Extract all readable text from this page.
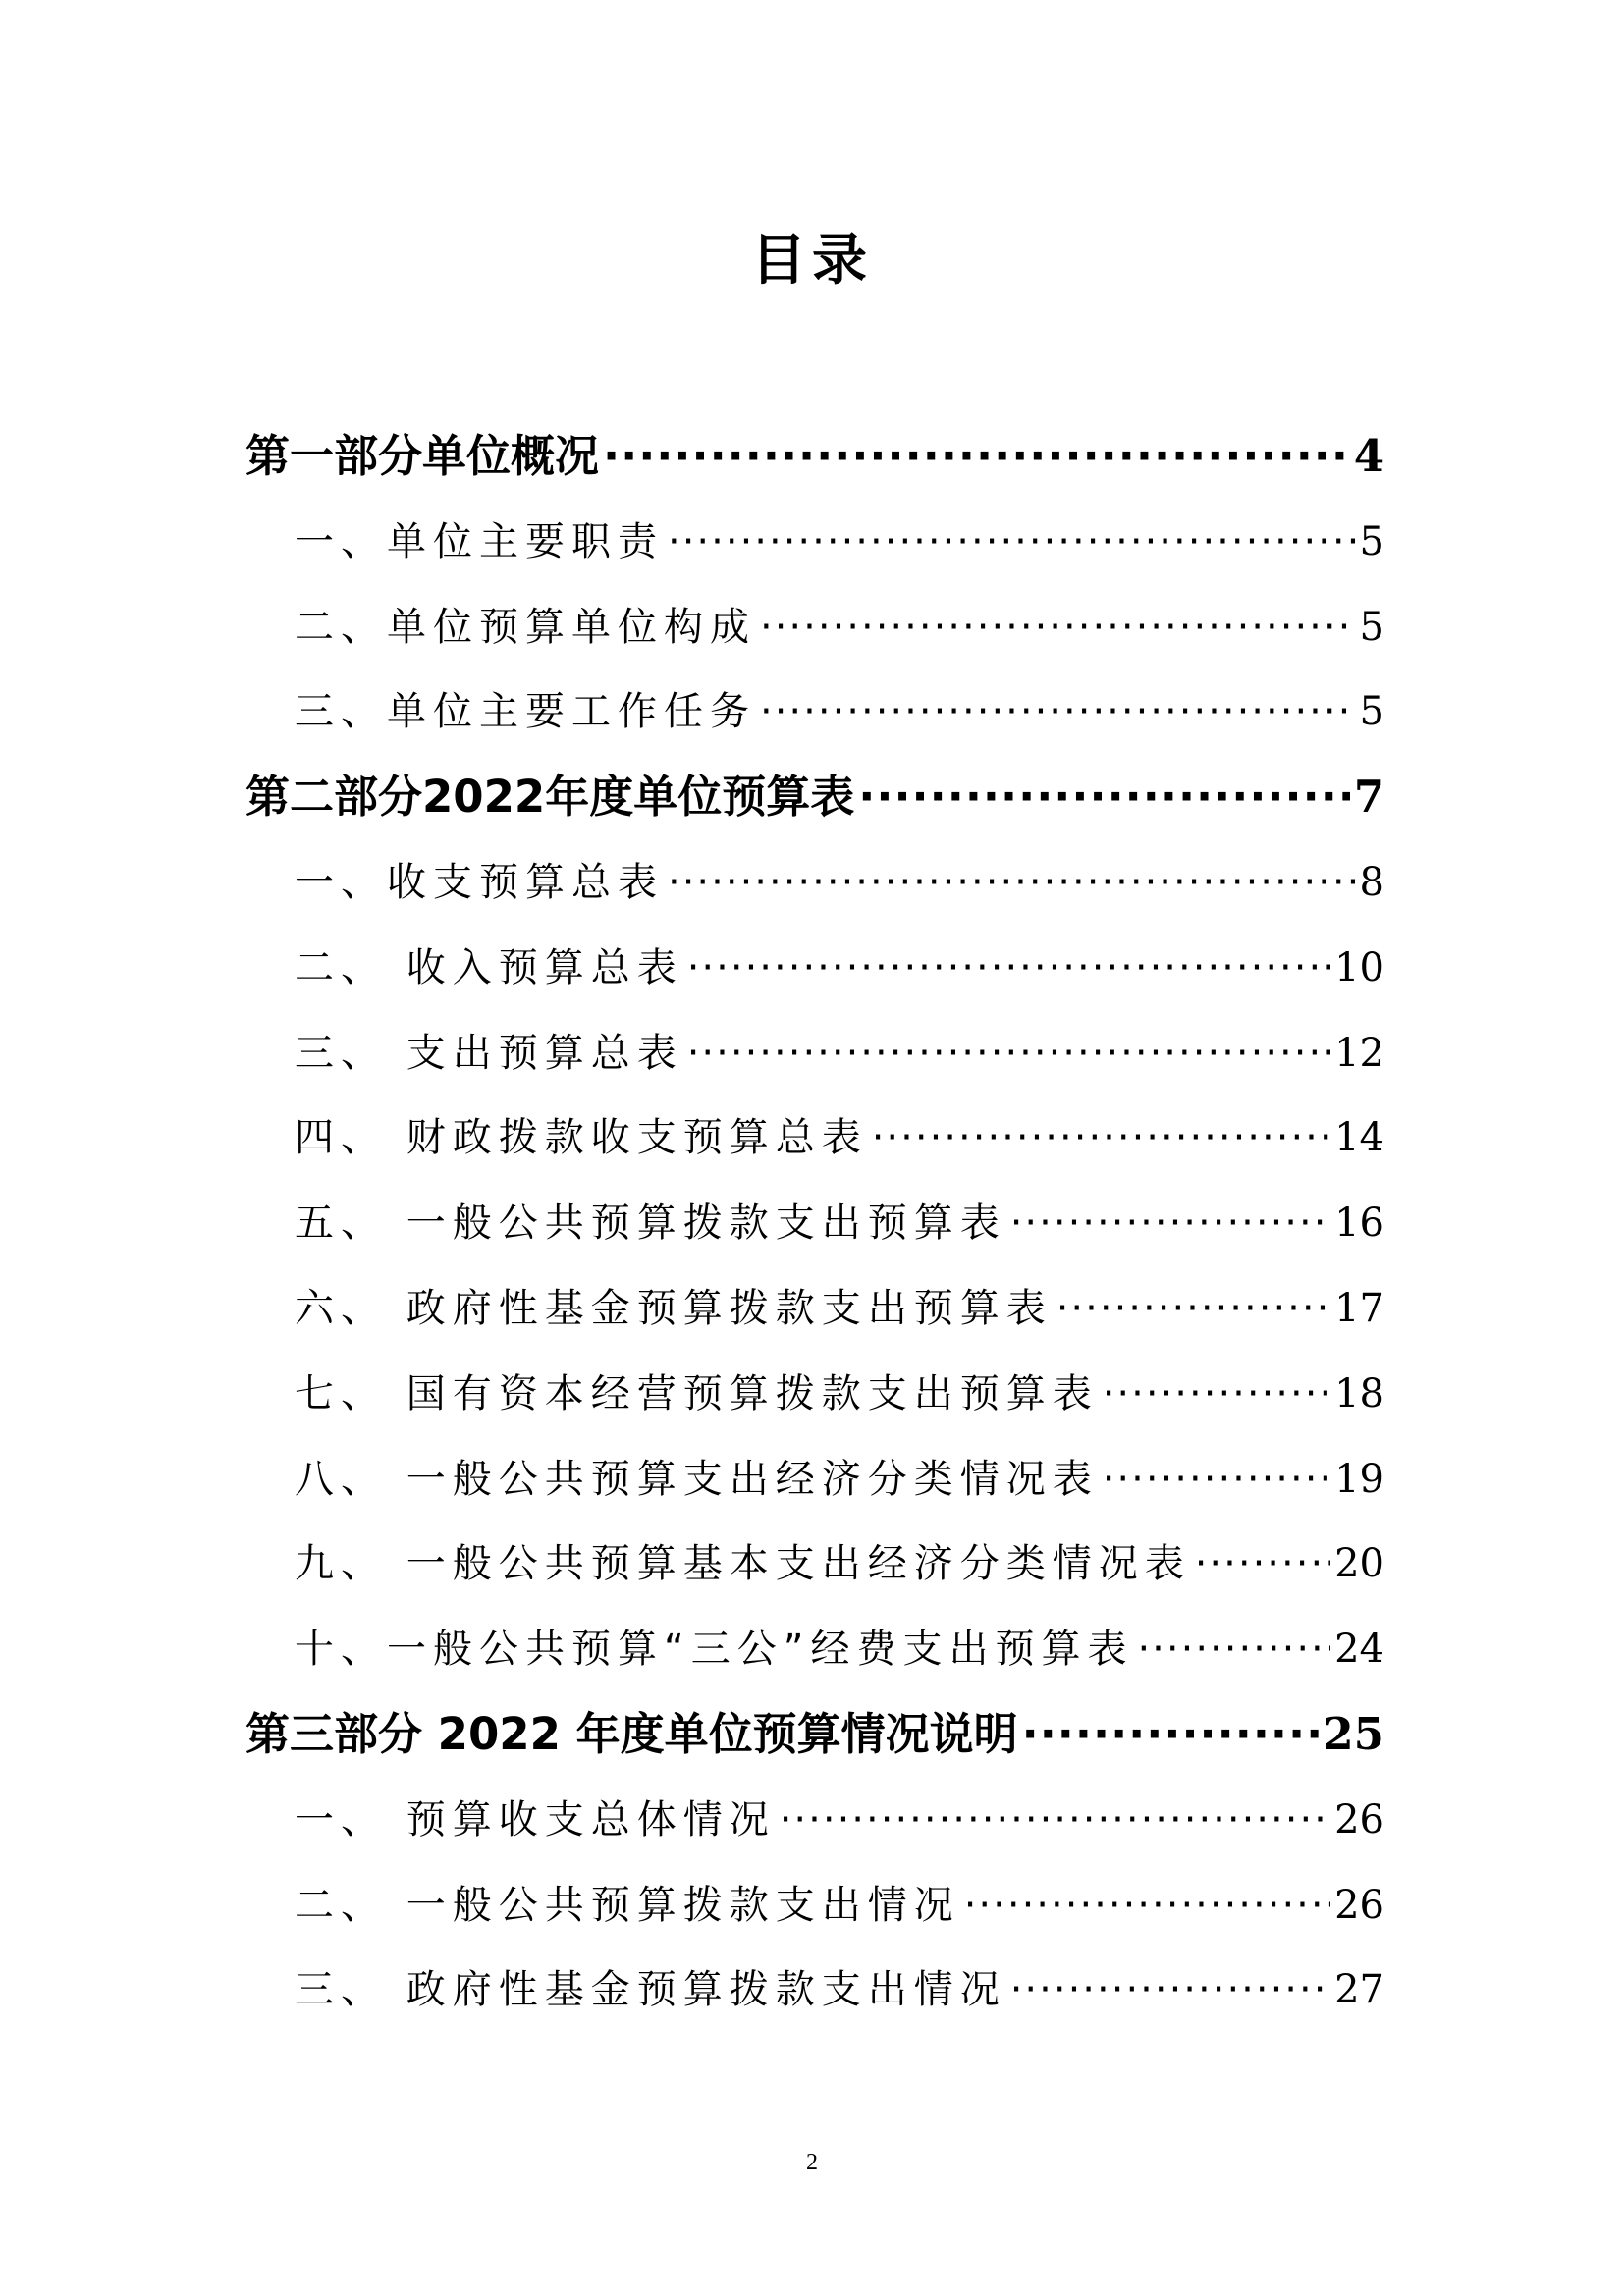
目录
第一部分单位概况 ·····	4
一、单位主要职责 ·····	5
二、单位预算单位构成 ·····	5
三、单位主要工作任务 ·····	5
第二部分2022年度单位预算表 ·····	7
一、收支预算总表 ·····	8
二、 收入预算总表 ·····	10
三、 支出预算总表 ·····	12
四、 财政拨款收支预算总表 ·····	14
五、 一般公共预算拨款支出预算表 ·····	16
六、 政府性基金预算拨款支出预算表 ·····	17
七、 国有资本经营预算拨款支出预算表 ·····	18
八、 一般公共预算支出经济分类情况表 ·····	19
九、 一般公共预算基本支出经济分类情况表 ·····	20
十、一般公共预算“三公”经费支出预算表 ·····	24
第三部分 2022 年度单位预算情况说明 ·····	25
一、 预算收支总体情况 ·····	26
二、 一般公共预算拨款支出情况 ·····	26
三、 政府性基金预算拨款支出情况 ·····	27
2
